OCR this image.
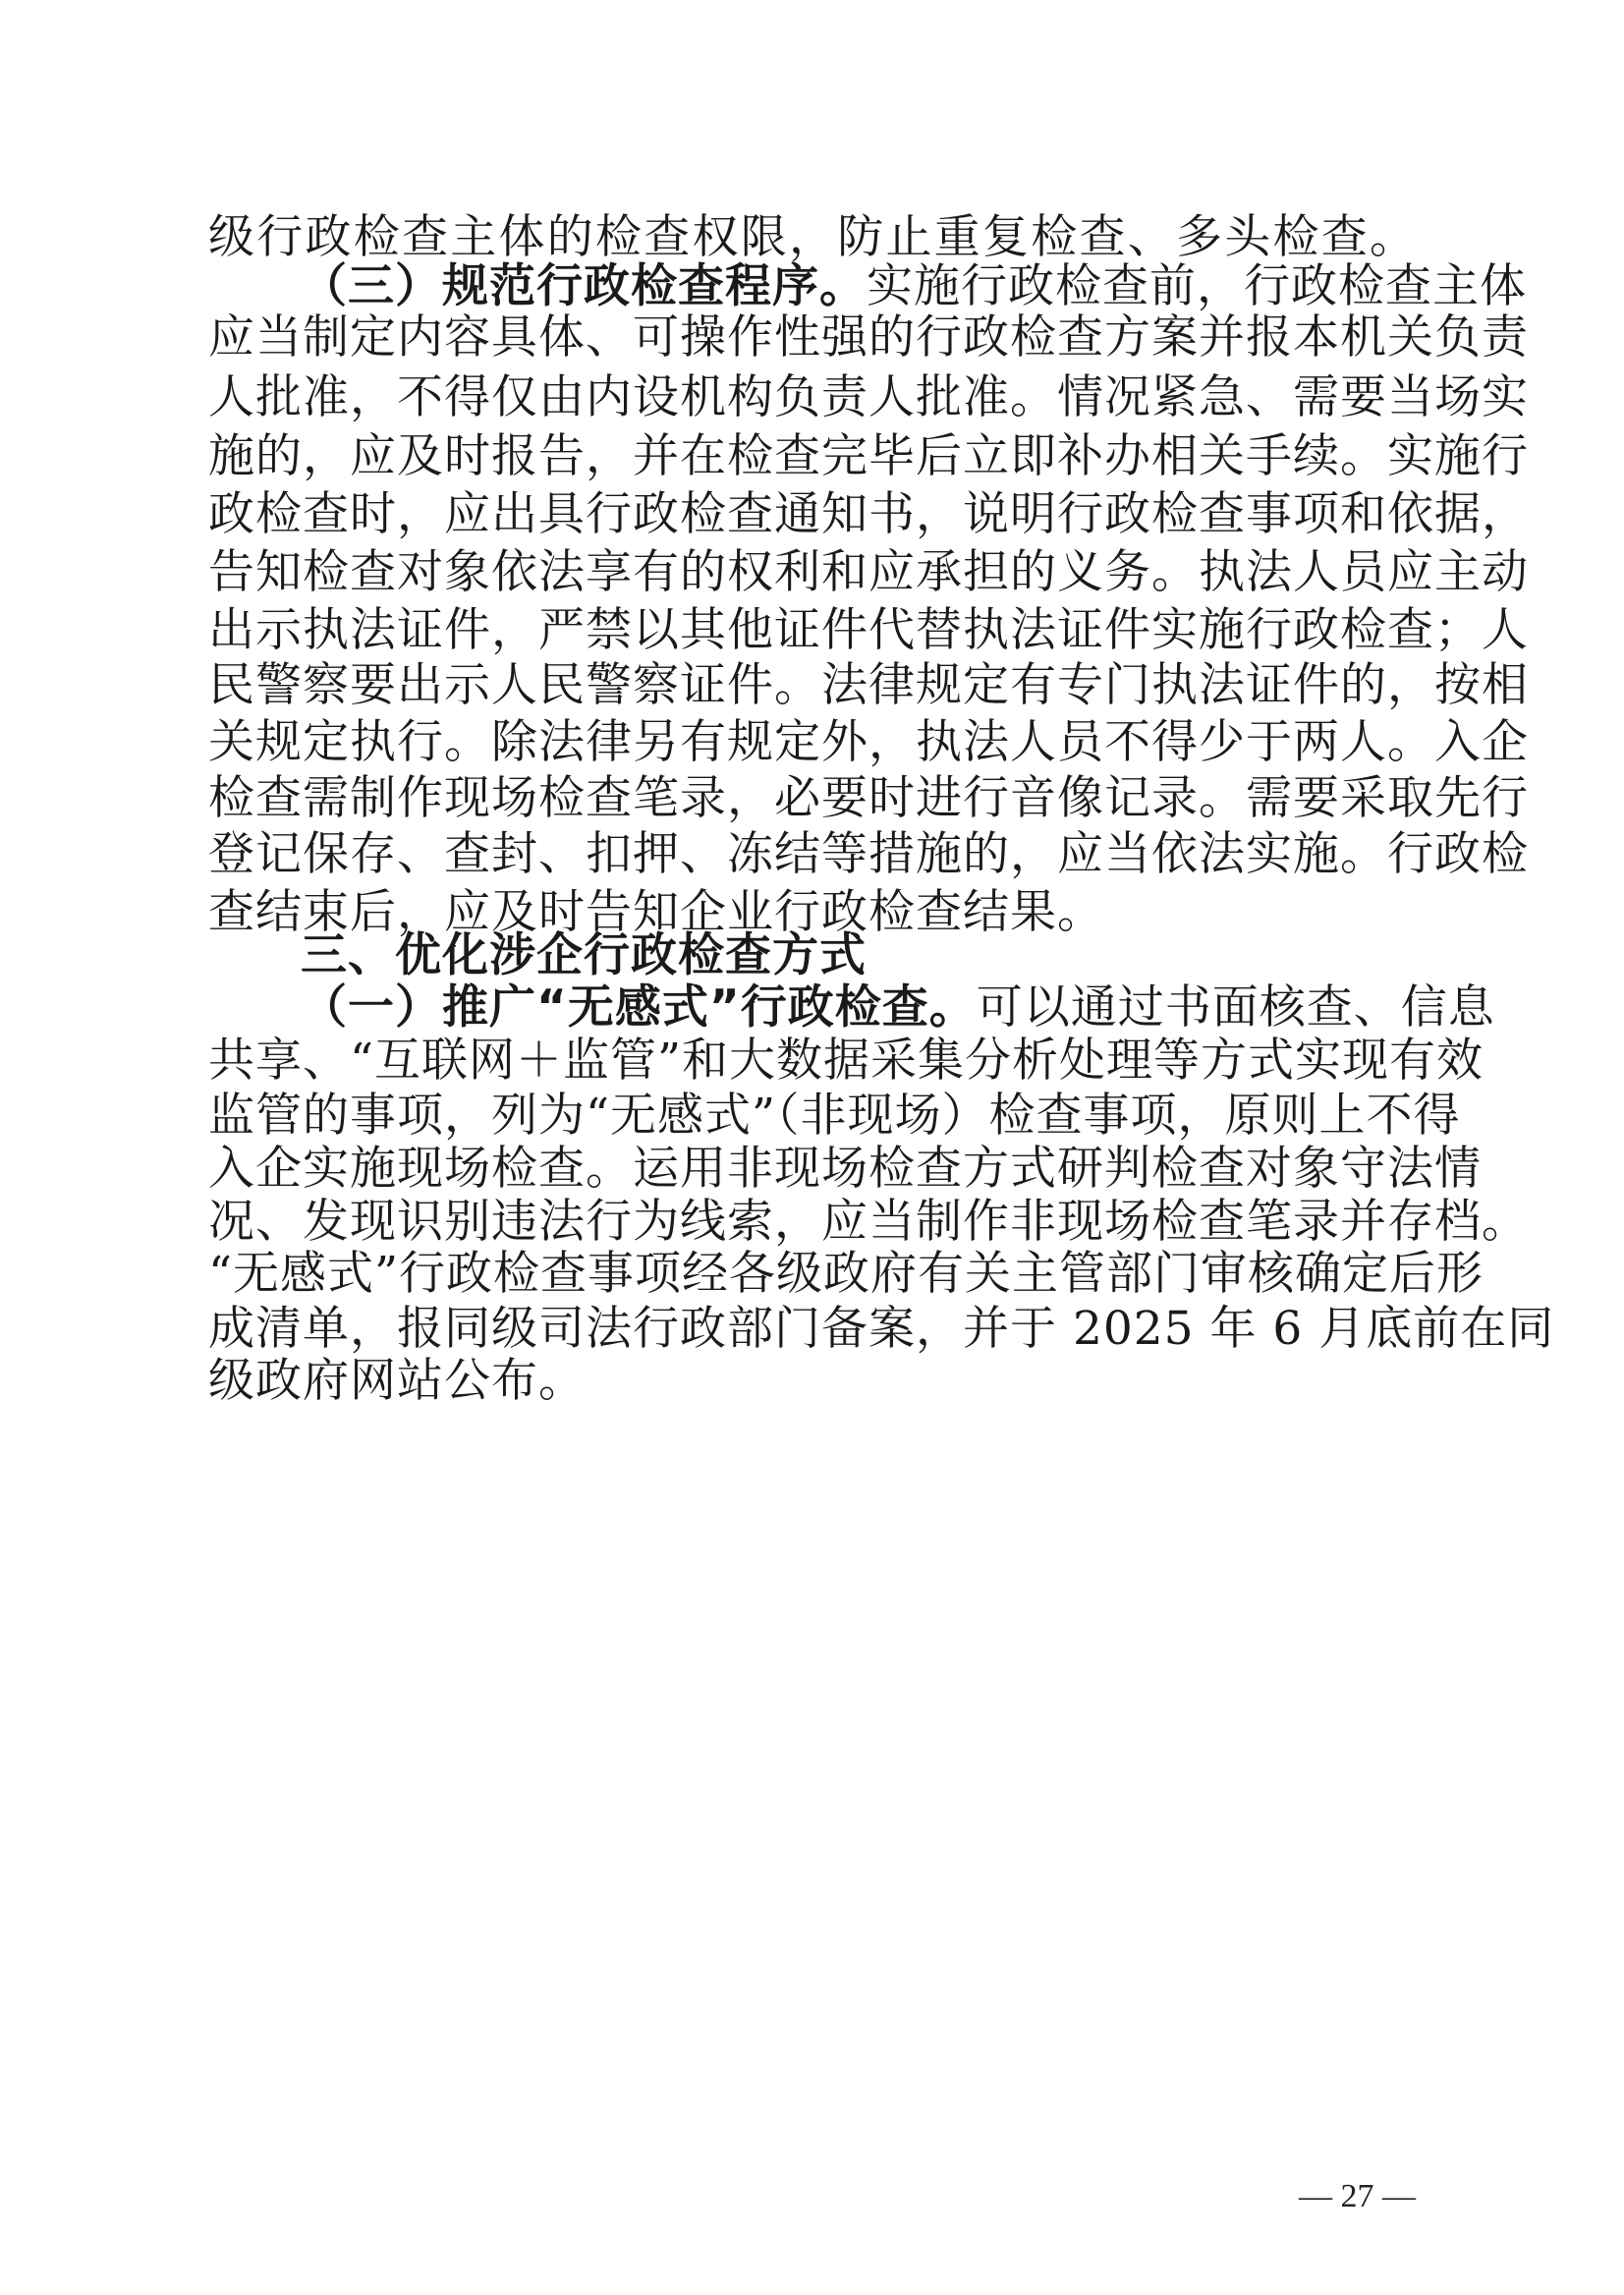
级行政检查主体的检查权限，防止重复检查、多头检查。
（三）规范行政检查程序。实施行政检查前，行政检查主体
应当制定内容具体、可操作性强的行政检查方案并报本机关负责
人批准，不得仅由内设机构负责人批准。情况紧急、需要当场实
施的，应及时报告，并在检查完毕后立即补办相关手续。实施行
政检查时，应出具行政检查通知书，说明行政检查事项和依据，
告知检查对象依法享有的权利和应承担的义务。执法人员应主动
出示执法证件，严禁以其他证件代替执法证件实施行政检查；人
民警察要出示人民警察证件。法律规定有专门执法证件的，按相
关规定执行。除法律另有规定外，执法人员不得少于两人。入企
检查需制作现场检查笔录，必要时进行音像记录。需要采取先行
登记保存、查封、扣押、冻结等措施的，应当依法实施。行政检
查结束后，应及时告知企业行政检查结果。
三、优化涉企行政检查方式
（一）推广“无感式”行政检查。可以通过书面核查、信息
共享、“互联网＋监管”和大数据采集分析处理等方式实现有效
监管的事项，列为“无感式”（非现场）检查事项，原则上不得
入企实施现场检查。运用非现场检查方式研判检查对象守法情
况、发现识别违法行为线索，应当制作非现场检查笔录并存档。
“无感式”行政检查事项经各级政府有关主管部门审核确定后形
成清单，报同级司法行政部门备案，并于 2025 年 6 月底前在同
级政府网站公布。
— 27 —
